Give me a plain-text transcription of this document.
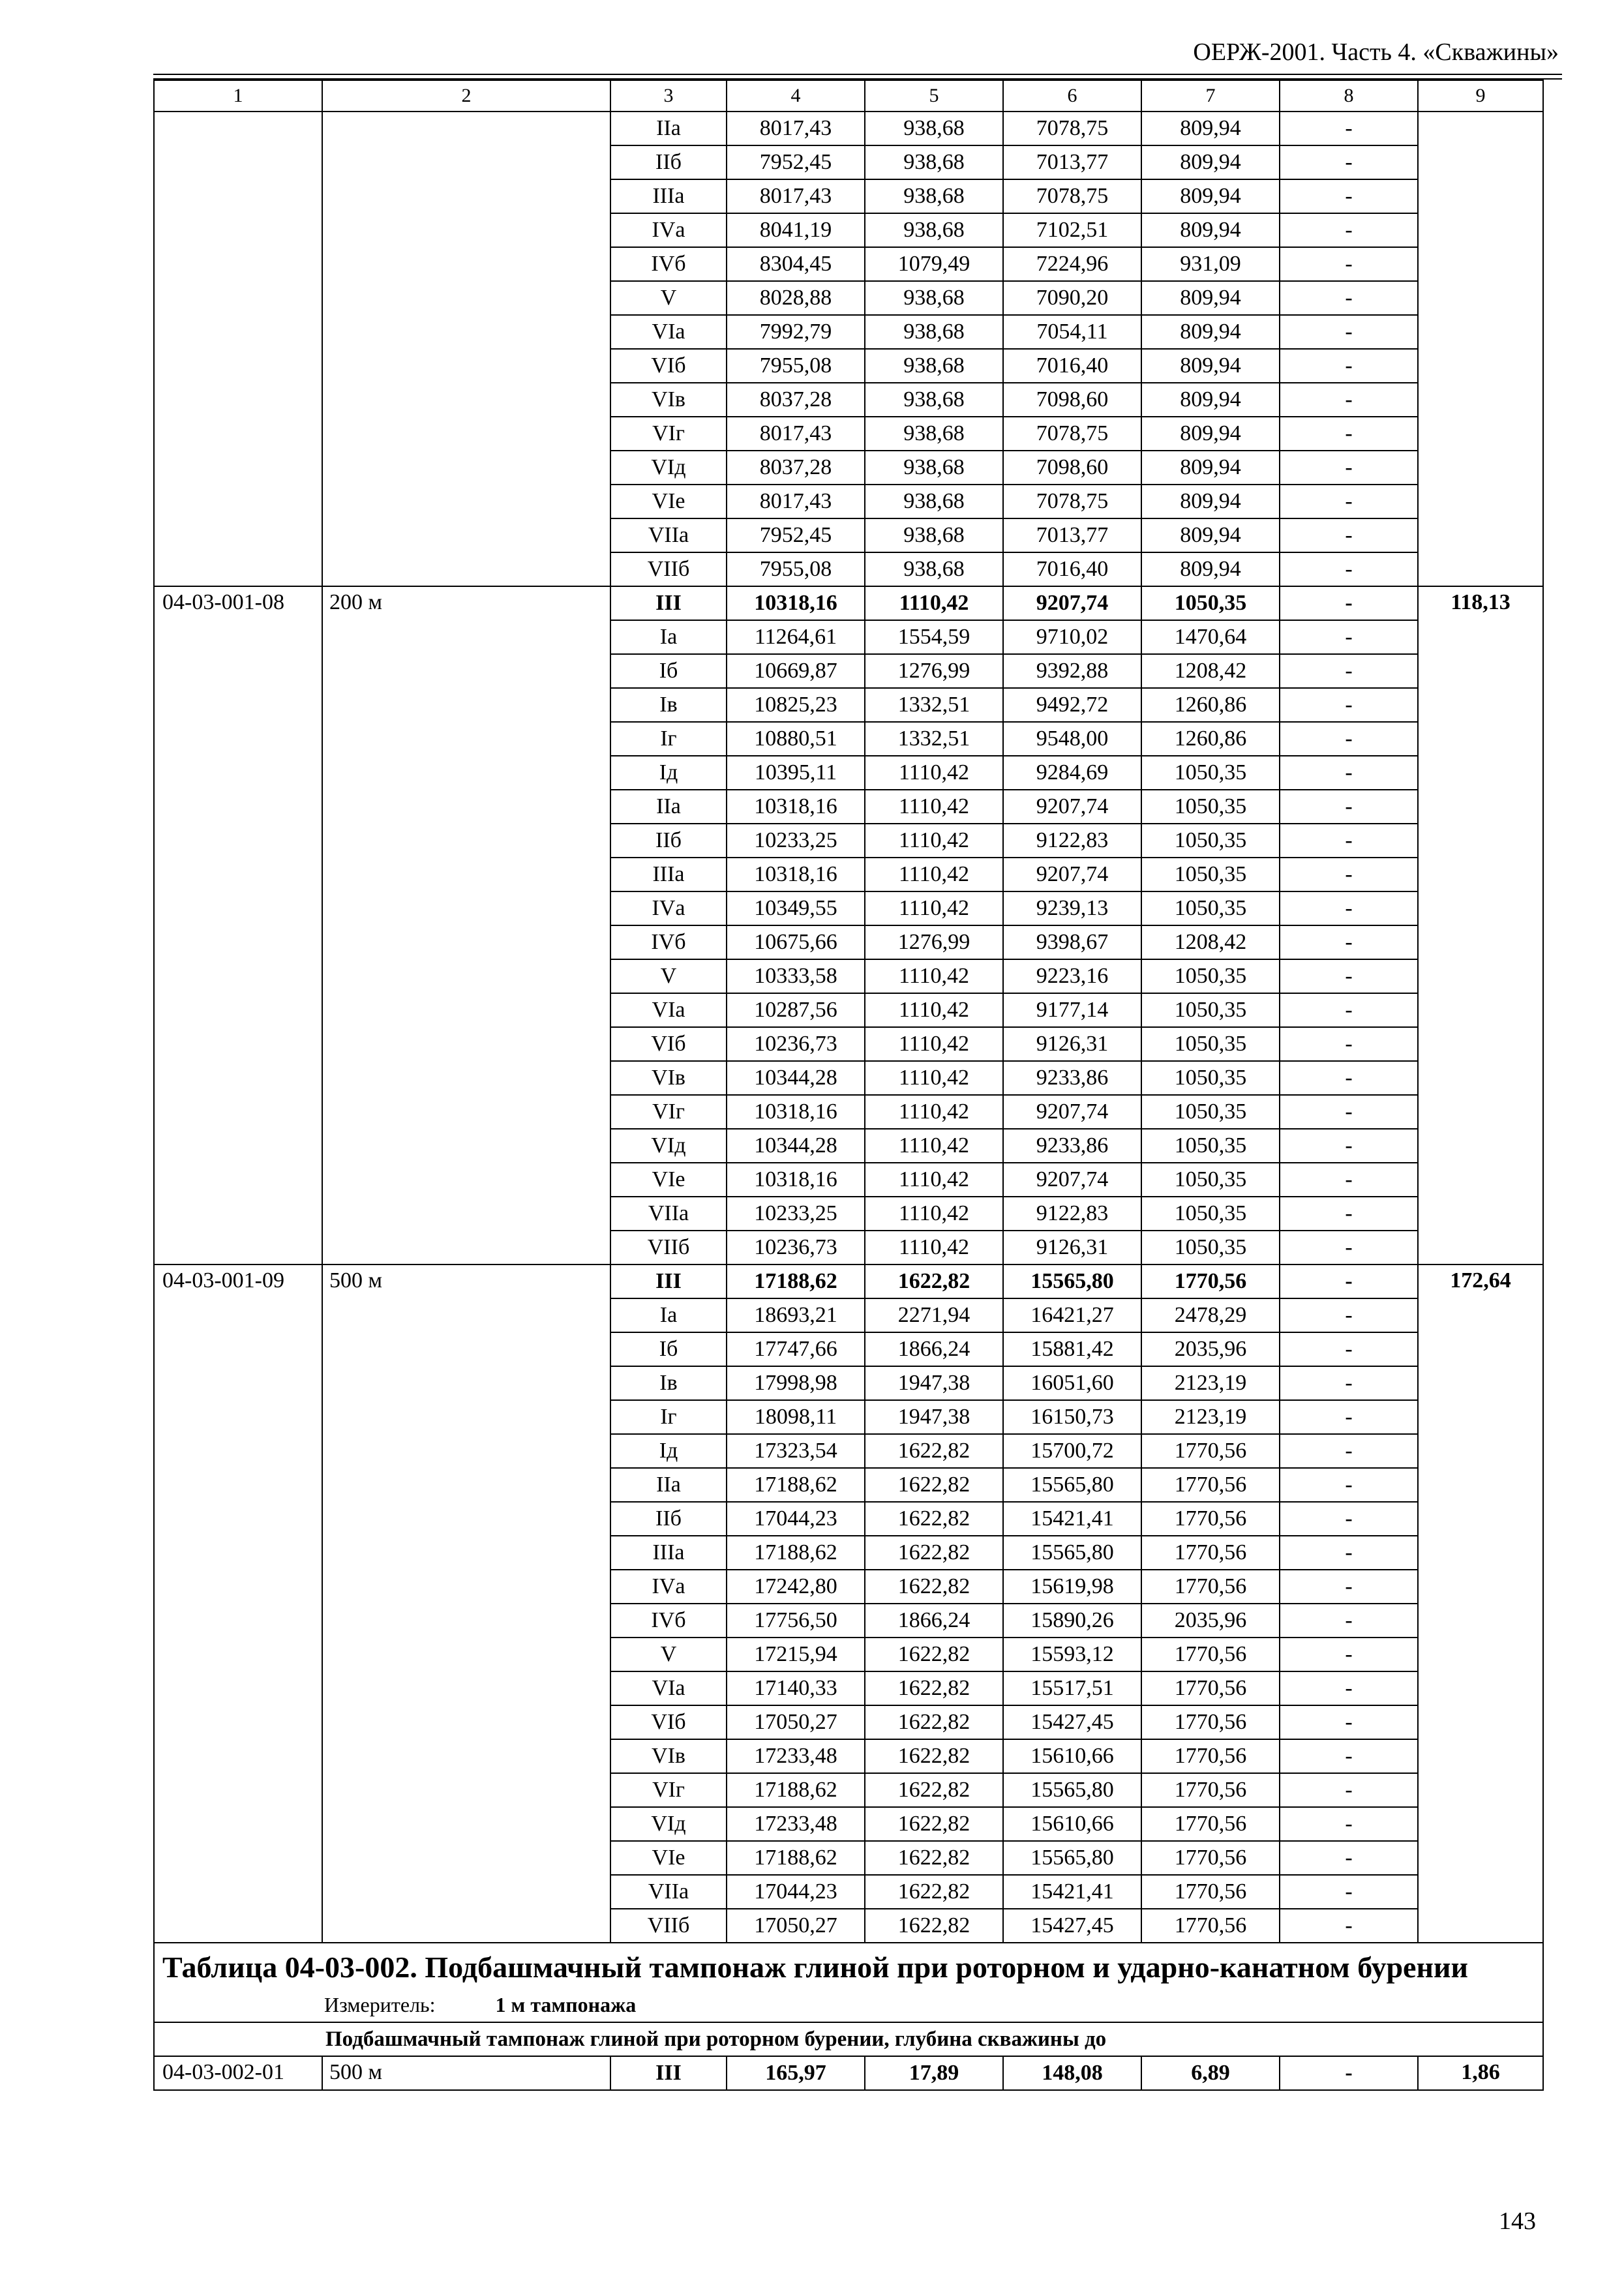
ОЕРЖ-2001. Часть 4. «Скважины»
1	2	3	4	5	6	7	8	9
		IIа	8017,43	938,68	7078,75	809,94	-	
		IIб	7952,45	938,68	7013,77	809,94	-	
		IIIа	8017,43	938,68	7078,75	809,94	-	
		IVа	8041,19	938,68	7102,51	809,94	-	
		IVб	8304,45	1079,49	7224,96	931,09	-	
		V	8028,88	938,68	7090,20	809,94	-	
		VIа	7992,79	938,68	7054,11	809,94	-	
		VIб	7955,08	938,68	7016,40	809,94	-	
		VIв	8037,28	938,68	7098,60	809,94	-	
		VIг	8017,43	938,68	7078,75	809,94	-	
		VIд	8037,28	938,68	7098,60	809,94	-	
		VIе	8017,43	938,68	7078,75	809,94	-	
		VIIа	7952,45	938,68	7013,77	809,94	-	
		VIIб	7955,08	938,68	7016,40	809,94	-	
04-03-001-08	200 м	III	10318,16	1110,42	9207,74	1050,35	-	118,13
		Iа	11264,61	1554,59	9710,02	1470,64	-	
		Iб	10669,87	1276,99	9392,88	1208,42	-	
		Iв	10825,23	1332,51	9492,72	1260,86	-	
		Iг	10880,51	1332,51	9548,00	1260,86	-	
		Iд	10395,11	1110,42	9284,69	1050,35	-	
		IIа	10318,16	1110,42	9207,74	1050,35	-	
		IIб	10233,25	1110,42	9122,83	1050,35	-	
		IIIа	10318,16	1110,42	9207,74	1050,35	-	
		IVа	10349,55	1110,42	9239,13	1050,35	-	
		IVб	10675,66	1276,99	9398,67	1208,42	-	
		V	10333,58	1110,42	9223,16	1050,35	-	
		VIа	10287,56	1110,42	9177,14	1050,35	-	
		VIб	10236,73	1110,42	9126,31	1050,35	-	
		VIв	10344,28	1110,42	9233,86	1050,35	-	
		VIг	10318,16	1110,42	9207,74	1050,35	-	
		VIд	10344,28	1110,42	9233,86	1050,35	-	
		VIе	10318,16	1110,42	9207,74	1050,35	-	
		VIIа	10233,25	1110,42	9122,83	1050,35	-	
		VIIб	10236,73	1110,42	9126,31	1050,35	-	
04-03-001-09	500 м	III	17188,62	1622,82	15565,80	1770,56	-	172,64
		Iа	18693,21	2271,94	16421,27	2478,29	-	
		Iб	17747,66	1866,24	15881,42	2035,96	-	
		Iв	17998,98	1947,38	16051,60	2123,19	-	
		Iг	18098,11	1947,38	16150,73	2123,19	-	
		Iд	17323,54	1622,82	15700,72	1770,56	-	
		IIа	17188,62	1622,82	15565,80	1770,56	-	
		IIб	17044,23	1622,82	15421,41	1770,56	-	
		IIIа	17188,62	1622,82	15565,80	1770,56	-	
		IVа	17242,80	1622,82	15619,98	1770,56	-	
		IVб	17756,50	1866,24	15890,26	2035,96	-	
		V	17215,94	1622,82	15593,12	1770,56	-	
		VIа	17140,33	1622,82	15517,51	1770,56	-	
		VIб	17050,27	1622,82	15427,45	1770,56	-	
		VIв	17233,48	1622,82	15610,66	1770,56	-	
		VIг	17188,62	1622,82	15565,80	1770,56	-	
		VIд	17233,48	1622,82	15610,66	1770,56	-	
		VIе	17188,62	1622,82	15565,80	1770,56	-	
		VIIа	17044,23	1622,82	15421,41	1770,56	-	
		VIIб	17050,27	1622,82	15427,45	1770,56	-	
Таблица 04-03-002. Подбашмачный тампонаж глиной при роторном и ударно-канатном бурении
Измеритель: 1 м тампонажа								

Подбашмачный тампонаж глиной при роторном бурении, глубина скважины до								
04-03-002-01	500 м	III	165,97	17,89	148,08	6,89	-	1,86
143
